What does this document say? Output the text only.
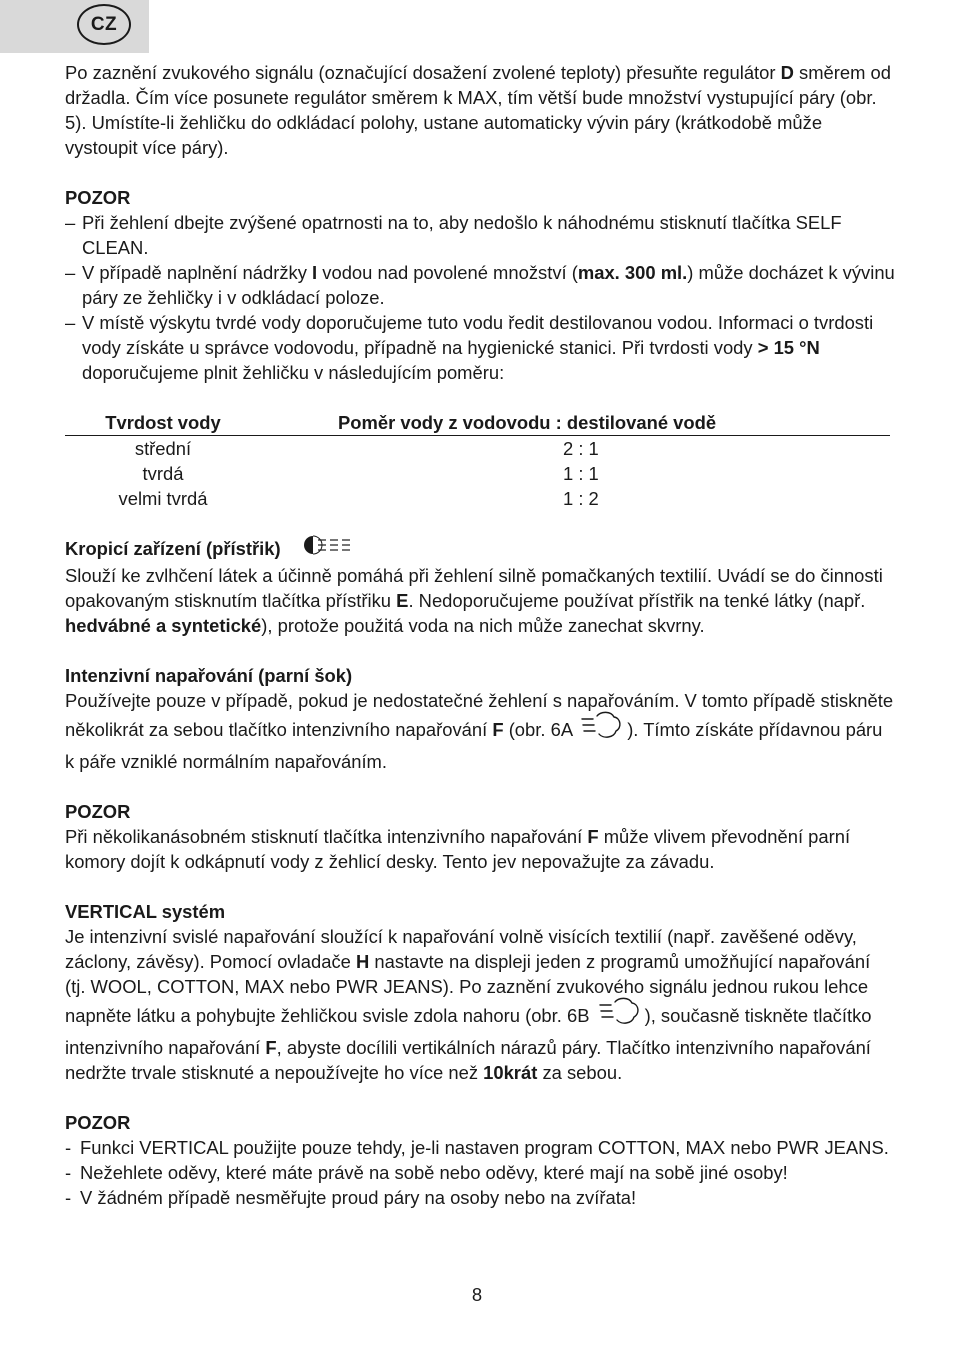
CZ

Po zaznění zvukového signálu (označující dosažení zvolené teploty) přesuňte regulátor D směrem od držadla. Čím více posunete regulátor směrem k MAX, tím větší bude množství vystupující páry (obr. 5). Umístíte-li žehličku do odkládací polohy, ustane automaticky vývin páry (krátkodobě může vystoupit více páry).

POZOR

– Při žehlení dbejte zvýšené opatrnosti na to, aby nedošlo k náhodnému stisknutí tlačítka SELF CLEAN.
– V případě naplnění nádržky I vodou nad povolené množství (max. 300 ml.) může docházet k vývinu páry ze žehličky i v odkládací poloze.
– V místě výskytu tvrdé vody doporučujeme tuto vodu ředit destilovanou vodou. Informaci o tvrdosti vody získáte u správce vodovodu, případně na hygienické stanici. Při tvrdosti vody > 15 °N doporučujeme plnit žehličku v následujícím poměru:
Tvrdost vody	Poměr vody z vodovodu : destilované vodě
střední	2 : 1
tvrdá	1 : 1
velmi tvrdá	1 : 2

Kropicí zařízení (přístřik)

Slouží ke zvlhčení látek a účinně pomáhá při žehlení silně pomačkaných textilií. Uvádí se do činnosti opakovaným stisknutím tlačítka přístřiku E. Nedoporučujeme používat přístřik na tenké látky (např. hedvábné a syntetické), protože použitá voda na nich může zanechat skvrny.

Intenzivní napařování (parní šok)

Používejte pouze v případě, pokud je nedostatečné žehlení s napařováním. V tomto případě stiskněte několikrát za sebou tlačítko intenzivního napařování F (obr. 6A	). Tímto získáte přídavnou páru k páře vzniklé normálním napařováním.

POZOR

Při několikanásobném stisknutí tlačítka intenzivního napařování F může vlivem převodnění parní komory dojít k odkápnutí vody z žehlicí desky. Tento jev nepovažujte za závadu.

VERTICAL systém

Je intenzivní svislé napařování sloužící k napařování volně visících textilií (např. zavěšené oděvy, záclony, závěsy). Pomocí ovladače H nastavte na displeji jeden z programů umožňující napařování (tj. WOOL, COTTON, MAX nebo PWR JEANS). Po zaznění zvukového signálu jednou rukou lehce napněte látku a pohybujte žehličkou svisle zdola nahoru (obr. 6B	), současně tiskněte tlačítko intenzivního napařování F, abyste docílili vertikálních nárazů páry. Tlačítko intenzivního napařování nedržte trvale stisknuté a nepoužívejte ho více než 10krát za sebou.

POZOR

- Funkci VERTICAL použijte pouze tehdy, je-li nastaven program COTTON, MAX nebo PWR JEANS.
- Nežehlete oděvy, které máte právě na sobě nebo oděvy, které mají na sobě jiné osoby!
- V žádném případě nesměřujte proud páry na osoby nebo na zvířata!
8
